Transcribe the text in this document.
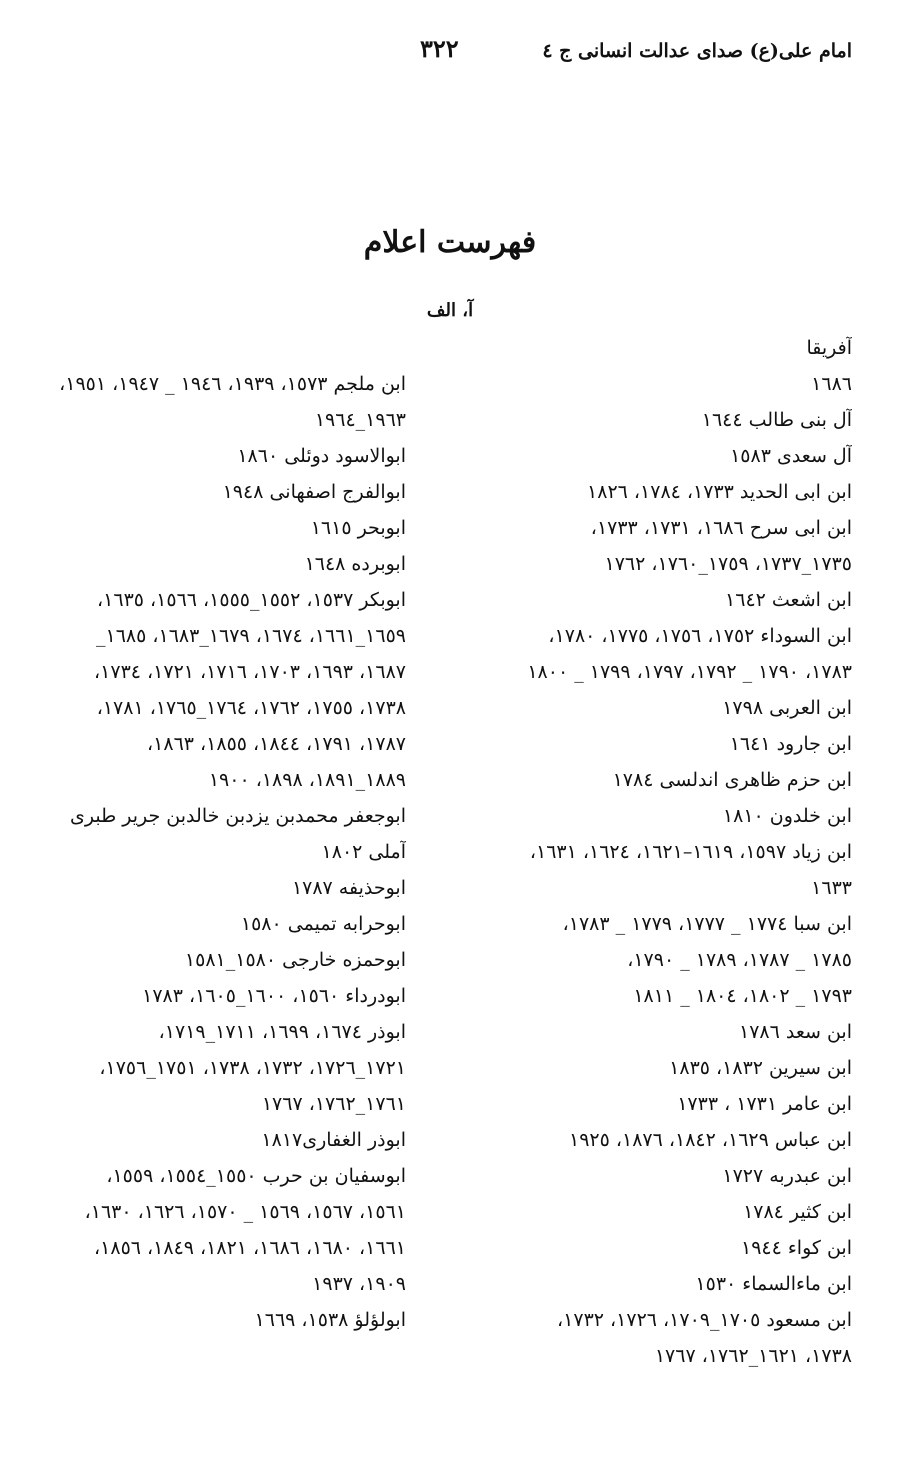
امام علی(ع) صدای عدالت انسانی ج ٤
٣٢٢
فهرست اعلام
آ، الف
آفریقا
١٦٨٦
آل بنی طالب ١٦٤٤
آل سعدی ١٥٨٣
ابن ابی الحدید ١٧٣٣، ١٧٨٤، ١٨٢٦
ابن ابی سرح ١٦٨٦، ١٧٣١، ١٧٣٣،
١٧٣٥_١٧٣٧، ١٧٥٩_١٧٦٠، ١٧٦٢
ابن اشعث ١٦٤٢
ابن السوداء ١٧٥٢، ١٧٥٦، ١٧٧٥، ١٧٨٠،
١٧٨٣، ١٧٩٠ _ ١٧٩٢، ١٧٩٧، ١٧٩٩ _ ١٨٠٠
ابن العربی ١٧٩٨
ابن جارود ١٦٤١
ابن حزم ظاهری اندلسی ١٧٨٤
ابن خلدون ١٨١٠
ابن زیاد ١٥٩٧، ١٦١٩–١٦٢١، ١٦٢٤، ١٦٣١،
١٦٣٣
ابن سبا ١٧٧٤ _ ١٧٧٧، ١٧٧٩ _ ١٧٨٣،
١٧٨٥ _ ١٧٨٧، ١٧٨٩ _ ١٧٩٠،
١٧٩٣ _ ١٨٠٢، ١٨٠٤ _ ١٨١١
ابن سعد ١٧٨٦
ابن سیرین ١٨٣٢، ١٨٣٥
ابن عامر ١٧٣١ ، ١٧٣٣
ابن عباس ١٦٢٩، ١٨٤٢، ١٨٧٦، ١٩٢٥
ابن عبدربه ١٧٢٧
ابن کثیر ١٧٨٤
ابن کواء ١٩٤٤
ابن ماءالسماء ١٥٣٠
ابن مسعود ١٧٠٥_١٧٠٩، ١٧٢٦، ١٧٣٢،
١٧٣٨، ١٦٢١_١٧٦٢، ١٧٦٧
ابن ملجم ١٥٧٣، ١٩٣٩، ١٩٤٦ _ ١٩٤٧، ١٩٥١،
١٩٦٣_١٩٦٤
ابوالاسود دوئلی ١٨٦٠
ابوالفرج اصفهانی ١٩٤٨
ابوبحر ١٦١٥
ابوبرده ١٦٤٨
ابوبکر ١٥٣٧، ١٥٥٢_١٥٥٥، ١٥٦٦، ١٦٣٥،
١٦٥٩_١٦٦١، ١٦٧٤، ١٦٧٩_١٦٨٣، ١٦٨٥_
١٦٨٧، ١٦٩٣، ١٧٠٣، ١٧١٦، ١٧٢١، ١٧٣٤،
١٧٣٨، ١٧٥٥، ١٧٦٢، ١٧٦٤_١٧٦٥، ١٧٨١،
١٧٨٧، ١٧٩١، ١٨٤٤، ١٨٥٥، ١٨٦٣،
١٨٨٩_١٨٩١، ١٨٩٨، ١٩٠٠
ابوجعفر محمدبن یزدبن خالدبن جریر طبری
آملی ١٨٠٢
ابوحذیفه ١٧٨٧
ابوحرابه تمیمی ١٥٨٠
ابوحمزه خارجی ١٥٨٠_١٥٨١
ابودرداء ١٥٦٠، ١٦٠٠_١٦٠٥، ١٧٨٣
ابوذر ١٦٧٤، ١٦٩٩، ١٧١١_١٧١٩،
١٧٢١_١٧٢٦، ١٧٣٢، ١٧٣٨، ١٧٥١_١٧٥٦،
١٧٦١_١٧٦٢، ١٧٦٧
ابوذر الغفاری١٨١٧
ابوسفیان بن حرب ١٥٥٠_١٥٥٤، ١٥٥٩،
١٥٦١، ١٥٦٧، ١٥٦٩ _ ١٥٧٠، ١٦٢٦، ١٦٣٠،
١٦٦١، ١٦٨٠، ١٦٨٦، ١٨٢١، ١٨٤٩، ١٨٥٦،
١٩٠٩، ١٩٣٧
ابولؤلؤ ١٥٣٨، ١٦٦٩
